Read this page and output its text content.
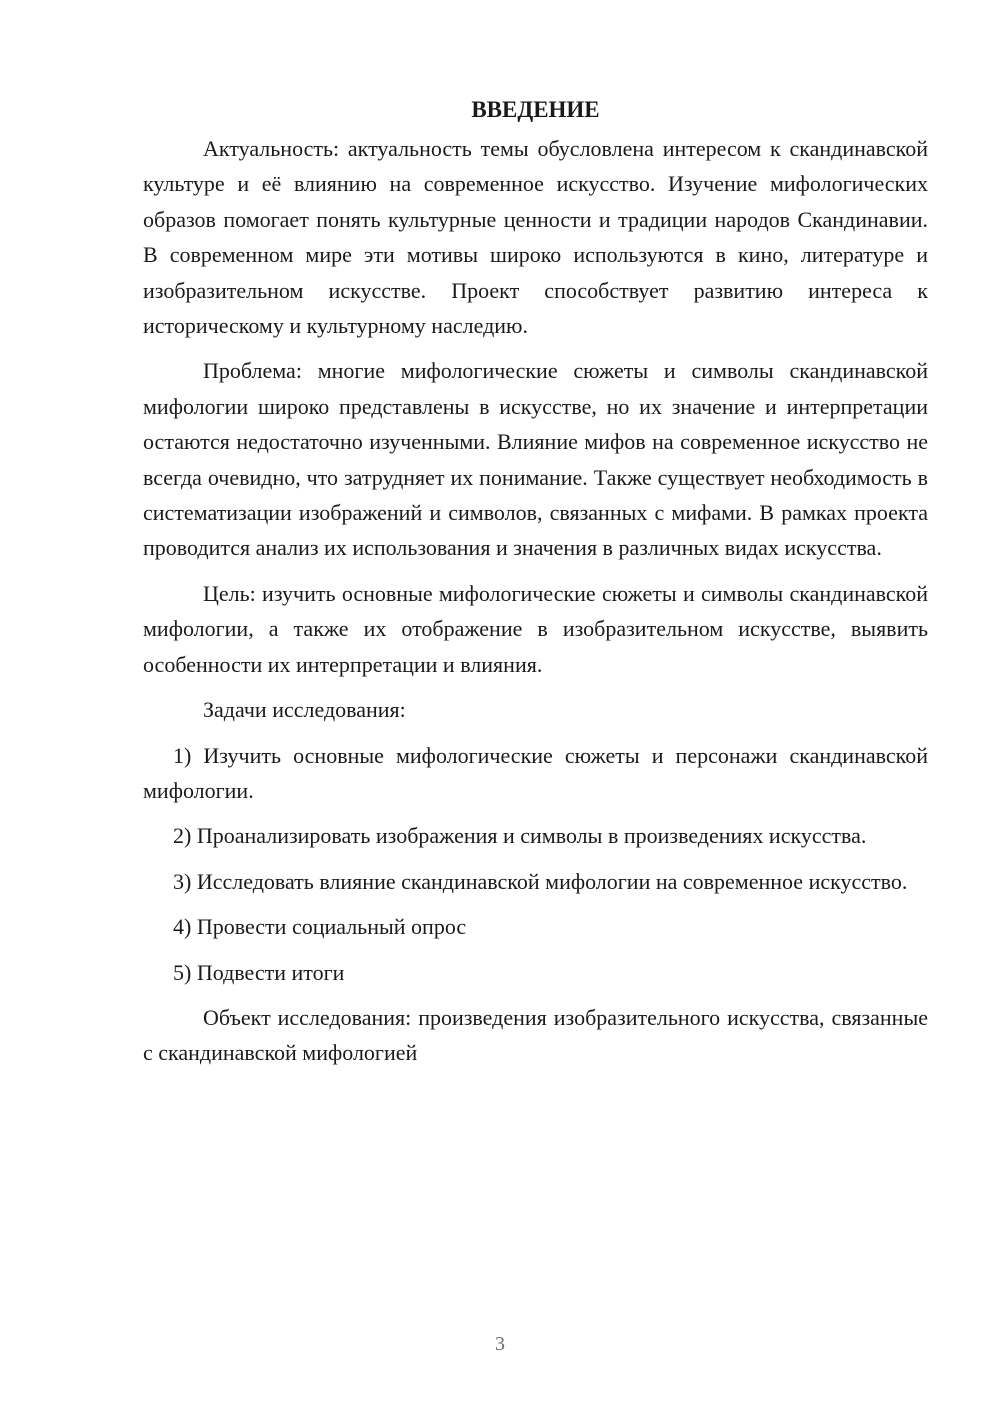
ВВЕДЕНИЕ

Актуальность: актуальность темы обусловлена интересом к скандинавской культуре и её влиянию на современное искусство. Изучение мифологических образов помогает понять культурные ценности и традиции народов Скандинавии. В современном мире эти мотивы широко используются в кино, литературе и изобразительном искусстве. Проект способствует развитию интереса к историческому и культурному наследию.

Проблема: многие мифологические сюжеты и символы скандинавской мифологии широко представлены в искусстве, но их значение и интерпретации остаются недостаточно изученными. Влияние мифов на современное искусство не всегда очевидно, что затрудняет их понимание. Также существует необходимость в систематизации изображений и символов, связанных с мифами. В рамках проекта проводится анализ их использования и значения в различных видах искусства.

Цель: изучить основные мифологические сюжеты и символы скандинавской мифологии, а также их отображение в изобразительном искусстве, выявить особенности их интерпретации и влияния.

Задачи исследования:

1) Изучить основные мифологические сюжеты и персонажи скандинавской мифологии.

2) Проанализировать изображения и символы в произведениях искусства.

3) Исследовать влияние скандинавской мифологии на современное искусство.

4) Провести социальный опрос

5) Подвести итоги

Объект исследования: произведения изобразительного искусства, связанные с скандинавской мифологией

3
